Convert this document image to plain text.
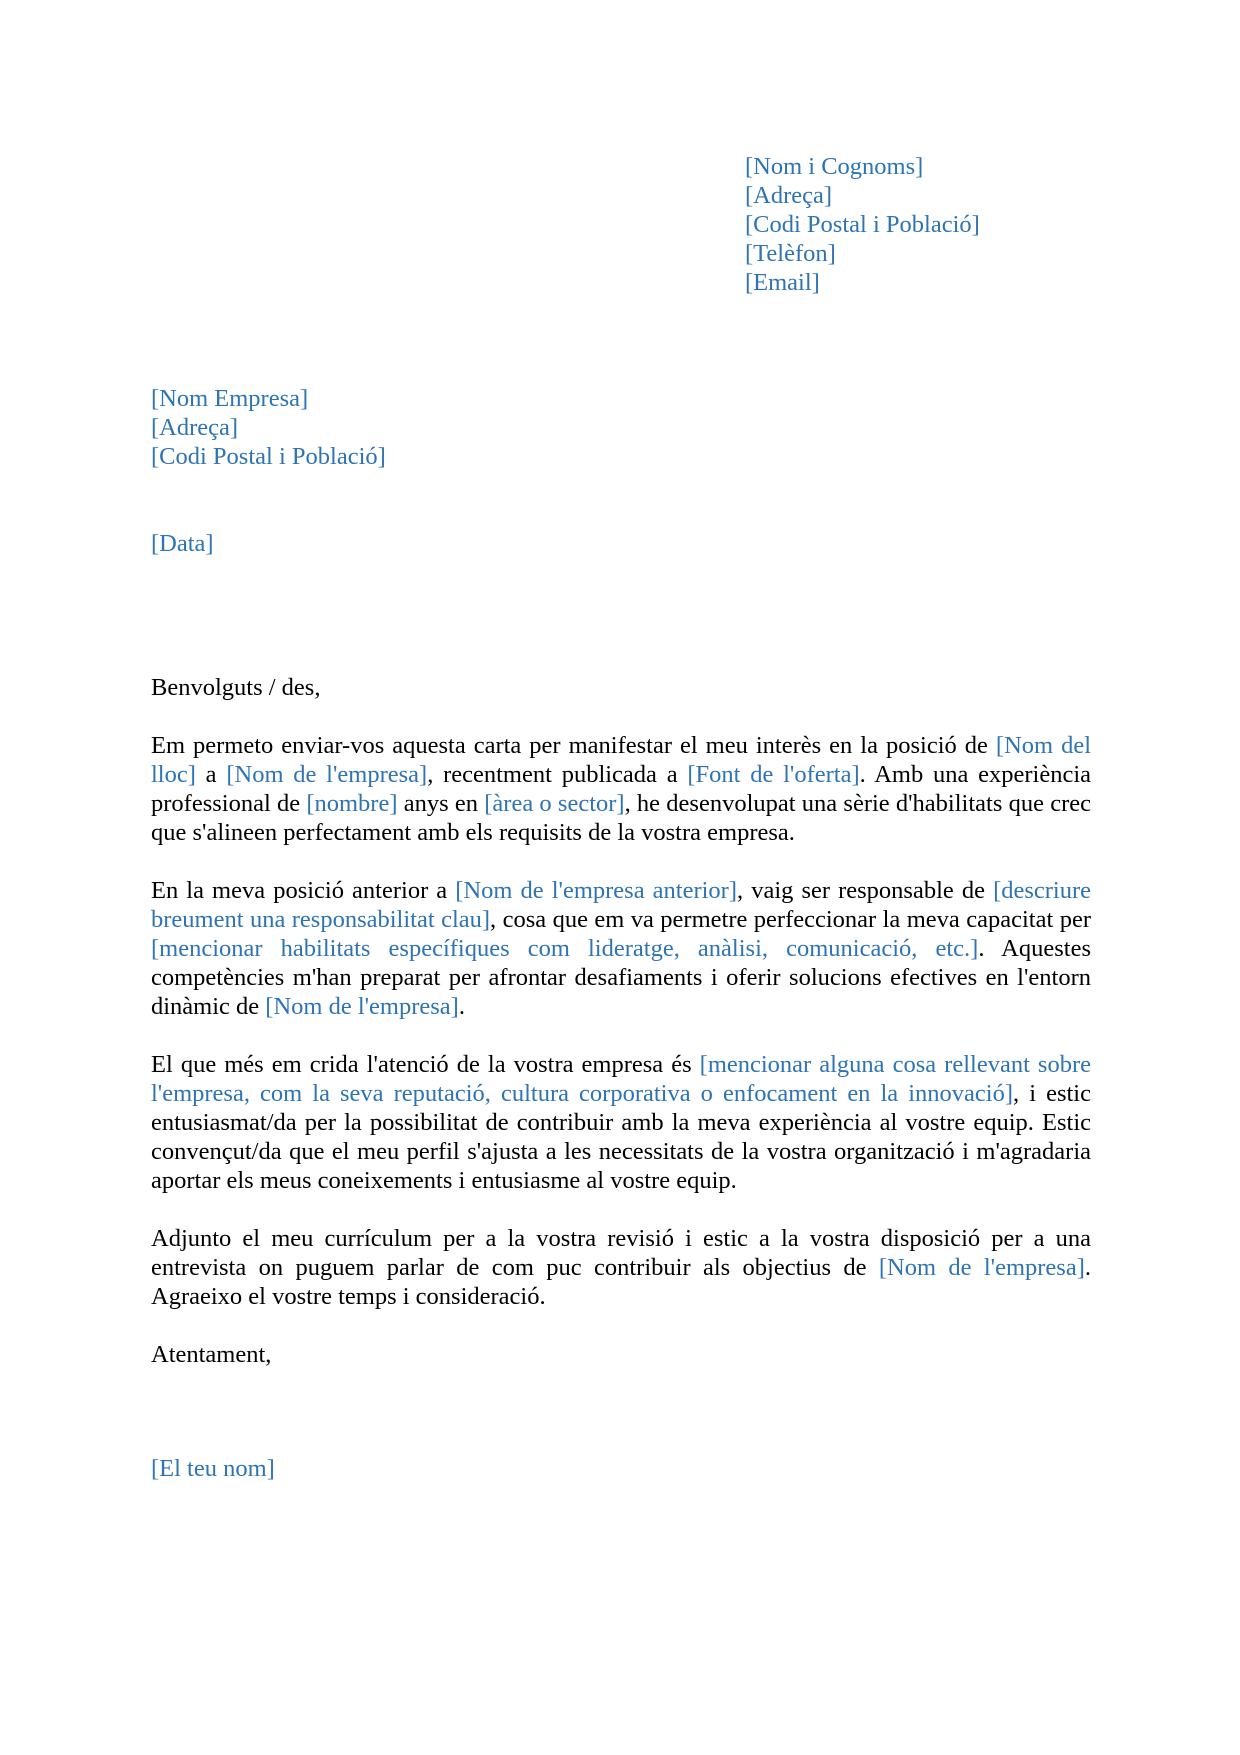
[Nom i Cognoms]
[Adreça]
[Codi Postal i Població]
[Telèfon]
[Email]
[Nom Empresa]
[Adreça]
[Codi Postal i Població]
[Data]

Benvolguts / des,

Em permeto enviar-vos aquesta carta per manifestar el meu interès en la posició de [Nom del lloc] a [Nom de l'empresa], recentment publicada a [Font de l'oferta]. Amb una experiència professional de [nombre] anys en [àrea o sector], he desenvolupat una sèrie d'habilitats que crec que s'alineen perfectament amb els requisits de la vostra empresa.

En la meva posició anterior a [Nom de l'empresa anterior], vaig ser responsable de [descriure breument una responsabilitat clau], cosa que em va permetre perfeccionar la meva capacitat per [mencionar habilitats específiques com lideratge, anàlisi, comunicació, etc.]. Aquestes competències m'han preparat per afrontar desafiaments i oferir solucions efectives en l'entorn dinàmic de [Nom de l'empresa].

El que més em crida l'atenció de la vostra empresa és [mencionar alguna cosa rellevant sobre l'empresa, com la seva reputació, cultura corporativa o enfocament en la innovació], i estic entusiasmat/da per la possibilitat de contribuir amb la meva experiència al vostre equip. Estic convençut/da que el meu perfil s'ajusta a les necessitats de la vostra organització i m'agradaria aportar els meus coneixements i entusiasme al vostre equip.

Adjunto el meu currículum per a la vostra revisió i estic a la vostra disposició per a una entrevista on puguem parlar de com puc contribuir als objectius de [Nom de l'empresa]. Agraeixo el vostre temps i consideració.

Atentament,

[El teu nom]
